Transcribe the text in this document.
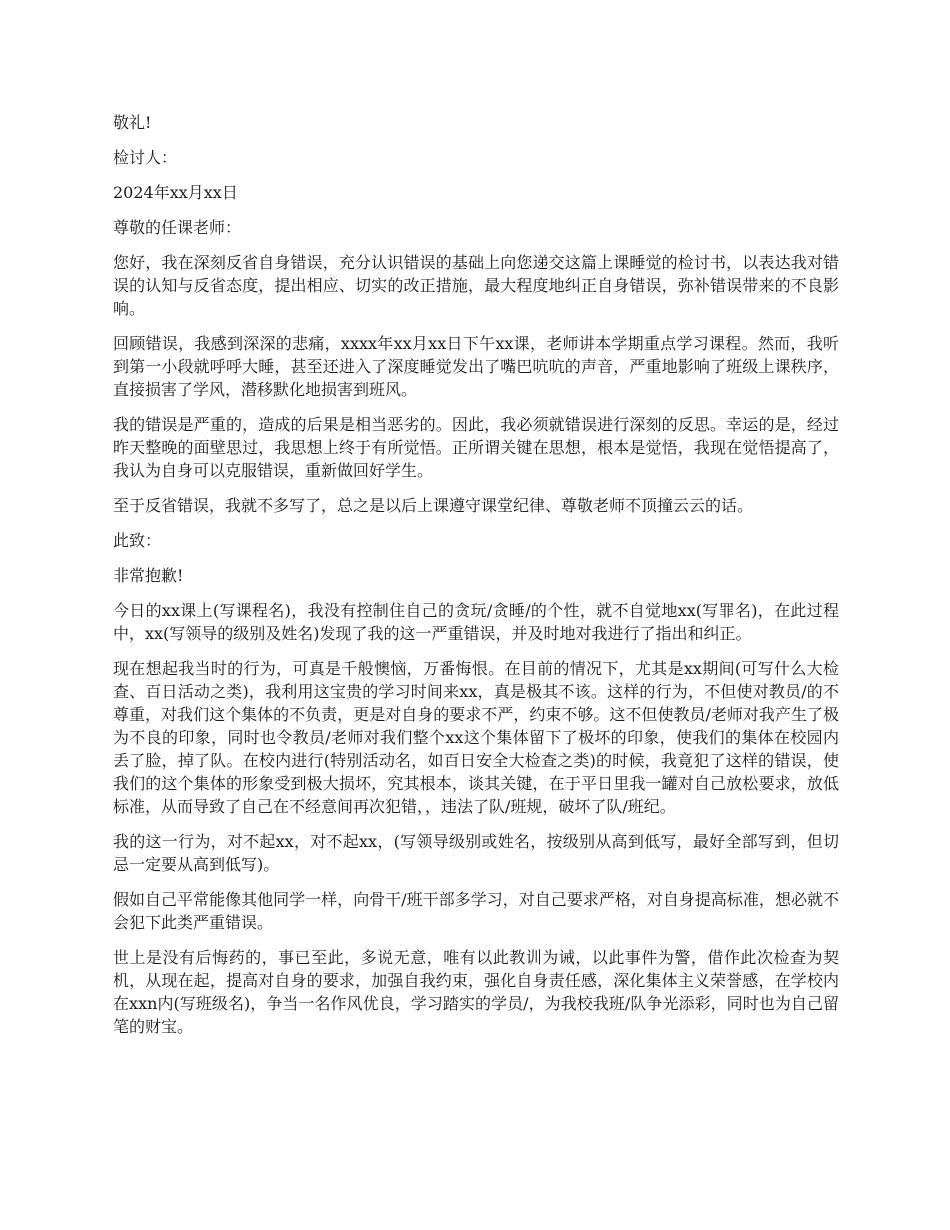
敬礼!

检讨人：

2024年xx月xx日

尊敬的任课老师：

您好，我在深刻反省自身错误，充分认识错误的基础上向您递交这篇上课睡觉的检讨书，以表达我对错误的认知与反省态度，提出相应、切实的改正措施，最大程度地纠正自身错误，弥补错误带来的不良影响。

回顾错误，我感到深深的悲痛，xxxx年xx月xx日下午xx课，老师讲本学期重点学习课程。然而，我听到第一小段就呼呼大睡，甚至还进入了深度睡觉发出了嘴巴吭吭的声音，严重地影响了班级上课秩序，直接损害了学风，潜移默化地损害到班风。

我的错误是严重的，造成的后果是相当恶劣的。因此，我必须就错误进行深刻的反思。幸运的是，经过昨天整晚的面壁思过，我思想上终于有所觉悟。正所谓关键在思想，根本是觉悟，我现在觉悟提高了，我认为自身可以克服错误，重新做回好学生。

至于反省错误，我就不多写了，总之是以后上课遵守课堂纪律、尊敬老师不顶撞云云的话。

此致：

非常抱歉!

今日的xx课上(写课程名)，我没有控制住自己的贪玩/贪睡/的个性，就不自觉地xx(写罪名)，在此过程中，xx(写领导的级别及姓名)发现了我的这一严重错误，并及时地对我进行了指出和纠正。

现在想起我当时的行为，可真是千般懊恼，万番悔恨。在目前的情况下，尤其是xx期间(可写什么大检查、百日活动之类)，我利用这宝贵的学习时间来xx，真是极其不该。这样的行为，不但使对教员/的不尊重，对我们这个集体的不负责，更是对自身的要求不严，约束不够。这不但使教员/老师对我产生了极为不良的印象，同时也令教员/老师对我们整个xx这个集体留下了极坏的印象，使我们的集体在校园内丢了脸，掉了队。在校内进行(特别活动名，如百日安全大检查之类)的时候，我竟犯了这样的错误，使我们的这个集体的形象受到极大损坏，究其根本，谈其关键，在于平日里我一罐对自己放松要求，放低标准，从而导致了自己在不经意间再次犯错，，违法了队/班规，破坏了队/班纪。

我的这一行为，对不起xx，对不起xx，(写领导级别或姓名，按级别从高到低写，最好全部写到，但切忌一定要从高到低写)。

假如自己平常能像其他同学一样，向骨干/班干部多学习，对自己要求严格，对自身提高标准，想必就不会犯下此类严重错误。

世上是没有后悔药的，事已至此，多说无意，唯有以此教训为诫，以此事件为警，借作此次检查为契机，从现在起，提高对自身的要求，加强自我约束，强化自身责任感，深化集体主义荣誉感，在学校内在xxn内(写班级名)，争当一名作风优良，学习踏实的学员/，为我校我班/队争光添彩，同时也为自己留笔的财宝。
